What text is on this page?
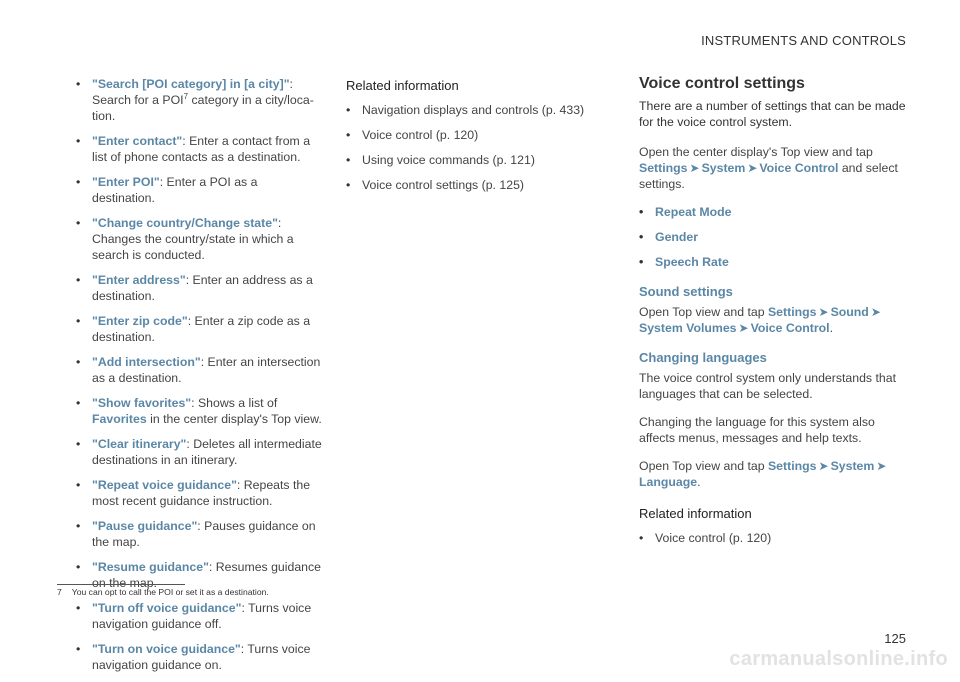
INSTRUMENTS AND CONTROLS
• "Search [POI category] in [a city]":
Search for a POI$^7$ category in a city/loca-tion.
• "Enter contact": Enter a contact from a list of phone contacts as a destination.
• "Enter POI": Enter a POI as a destination.
• "Change country/Change state": Changes the country/state in which a search is conducted.
• "Enter address": Enter an address as a destination.
• "Enter zip code": Enter a zip code as a destination.
• "Add intersection": Enter an intersection as a destination.
• "Show favorites": Shows a list of Favorites in the center display's Top view.
• "Clear itinerary": Deletes all intermediate destinations in an itinerary.
• "Repeat voice guidance": Repeats the most recent guidance instruction.
• "Pause guidance": Pauses guidance on the map.
• "Resume guidance": Resumes guidance on the map.
• "Turn off voice guidance": Turns voice navigation guidance off.
• "Turn on voice guidance": Turns voice navigation guidance on.
Related information
• Navigation displays and controls (p. 433)
• Voice control (p. 120)
• Using voice commands (p. 121)
• Voice control settings (p. 125)
Voice control settings

There are a number of settings that can be made for the voice control system.

Open the center display's Top view and tap
Settings ➤ System ➤ Voice Control and select settings.

• Repeat Mode
• Gender
• Speech Rate
Sound settings

Open Top view and tap Settings ➤ Sound ➤
System Volumes ➤ Voice Control.

Changing languages

The voice control system only understands that languages that can be selected.

Changing the language for this system also affects menus, messages and help texts.

Open Top view and tap Settings ➤ System ➤
Language.

Related information
• Voice control (p. 120)
7 You can opt to call the POI or set it as a destination.
125
carmanualsonline.info
